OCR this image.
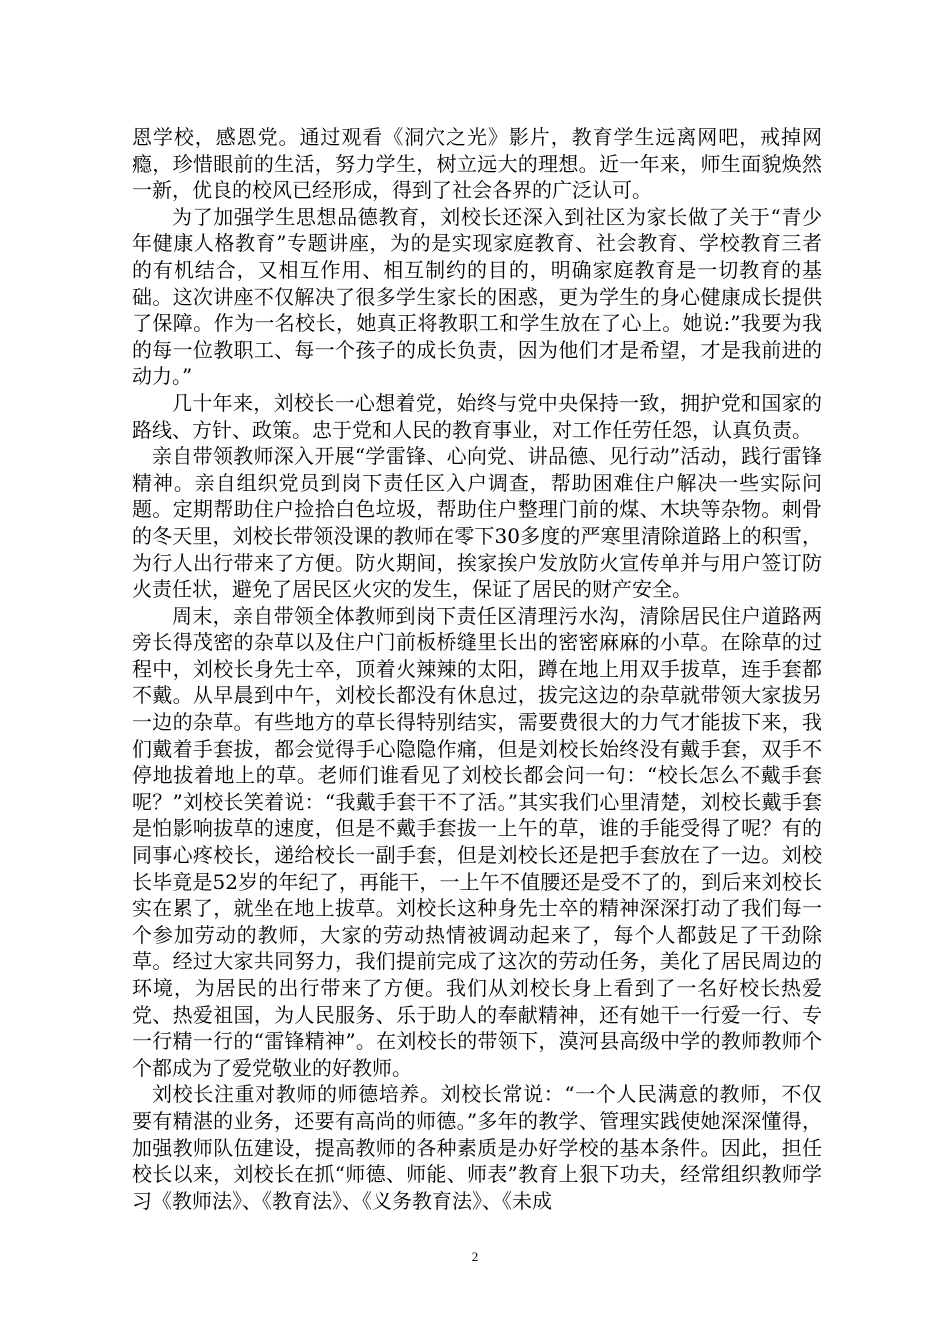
恩学校，感恩党。通过观看《洞穴之光》影片，教育学生远离网吧，戒掉网瘾，珍惜眼前的生活，努力学生，树立远大的理想。近一年来，师生面貌焕然一新，优良的校风已经形成，得到了社会各界的广泛认可。

为了加强学生思想品德教育，刘校长还深入到社区为家长做了关于“青少年健康人格教育”专题讲座，为的是实现家庭教育、社会教育、学校教育三者的有机结合，又相互作用、相互制约的目的，明确家庭教育是一切教育的基础。这次讲座不仅解决了很多学生家长的困惑，更为学生的身心健康成长提供了保障。作为一名校长，她真正将教职工和学生放在了心上。她说:”我要为我的每一位教职工、每一个孩子的成长负责，因为他们才是希望，才是我前进的动力。”

几十年来，刘校长一心想着党，始终与党中央保持一致，拥护党和国家的路线、方针、政策。忠于党和人民的教育事业，对工作任劳任怨，认真负责。

亲自带领教师深入开展“学雷锋、心向党、讲品德、见行动”活动，践行雷锋精神。亲自组织党员到岗下责任区入户调查，帮助困难住户解决一些实际问题。定期帮助住户捡拾白色垃圾，帮助住户整理门前的煤、木块等杂物。刺骨的冬天里，刘校长带领没课的教师在零下30多度的严寒里清除道路上的积雪，为行人出行带来了方便。防火期间，挨家挨户发放防火宣传单并与用户签订防火责任状，避免了居民区火灾的发生，保证了居民的财产安全。

周末，亲自带领全体教师到岗下责任区清理污水沟，清除居民住户道路两旁长得茂密的杂草以及住户门前板桥缝里长出的密密麻麻的小草。在除草的过程中，刘校长身先士卒，顶着火辣辣的太阳，蹲在地上用双手拔草，连手套都不戴。从早晨到中午，刘校长都没有休息过，拔完这边的杂草就带领大家拔另一边的杂草。有些地方的草长得特别结实，需要费很大的力气才能拔下来，我们戴着手套拔，都会觉得手心隐隐作痛，但是刘校长始终没有戴手套，双手不停地拔着地上的草。老师们谁看见了刘校长都会问一句：“校长怎么不戴手套呢？”刘校长笑着说：“我戴手套干不了活。”其实我们心里清楚，刘校长戴手套是怕影响拔草的速度，但是不戴手套拔一上午的草，谁的手能受得了呢？有的同事心疼校长，递给校长一副手套，但是刘校长还是把手套放在了一边。刘校长毕竟是52岁的年纪了，再能干，一上午不值腰还是受不了的，到后来刘校长实在累了，就坐在地上拔草。刘校长这种身先士卒的精神深深打动了我们每一个参加劳动的教师，大家的劳动热情被调动起来了，每个人都鼓足了干劲除草。经过大家共同努力，我们提前完成了这次的劳动任务，美化了居民周边的环境，为居民的出行带来了方便。我们从刘校长身上看到了一名好校长热爱党、热爱祖国，为人民服务、乐于助人的奉献精神，还有她干一行爱一行、专一行精一行的“雷锋精神”。在刘校长的带领下，漠河县高级中学的教师教师个个都成为了爱党敬业的好教师。

刘校长注重对教师的师德培养。刘校长常说：“一个人民满意的教师，不仅要有精湛的业务，还要有高尚的师德。”多年的教学、管理实践使她深深懂得，加强教师队伍建设，提高教师的各种素质是办好学校的基本条件。因此，担任校长以来，刘校长在抓“师德、师能、师表”教育上狠下功夫，经常组织教师学习《教师法》、《教育法》、《义务教育法》、《未成

2
